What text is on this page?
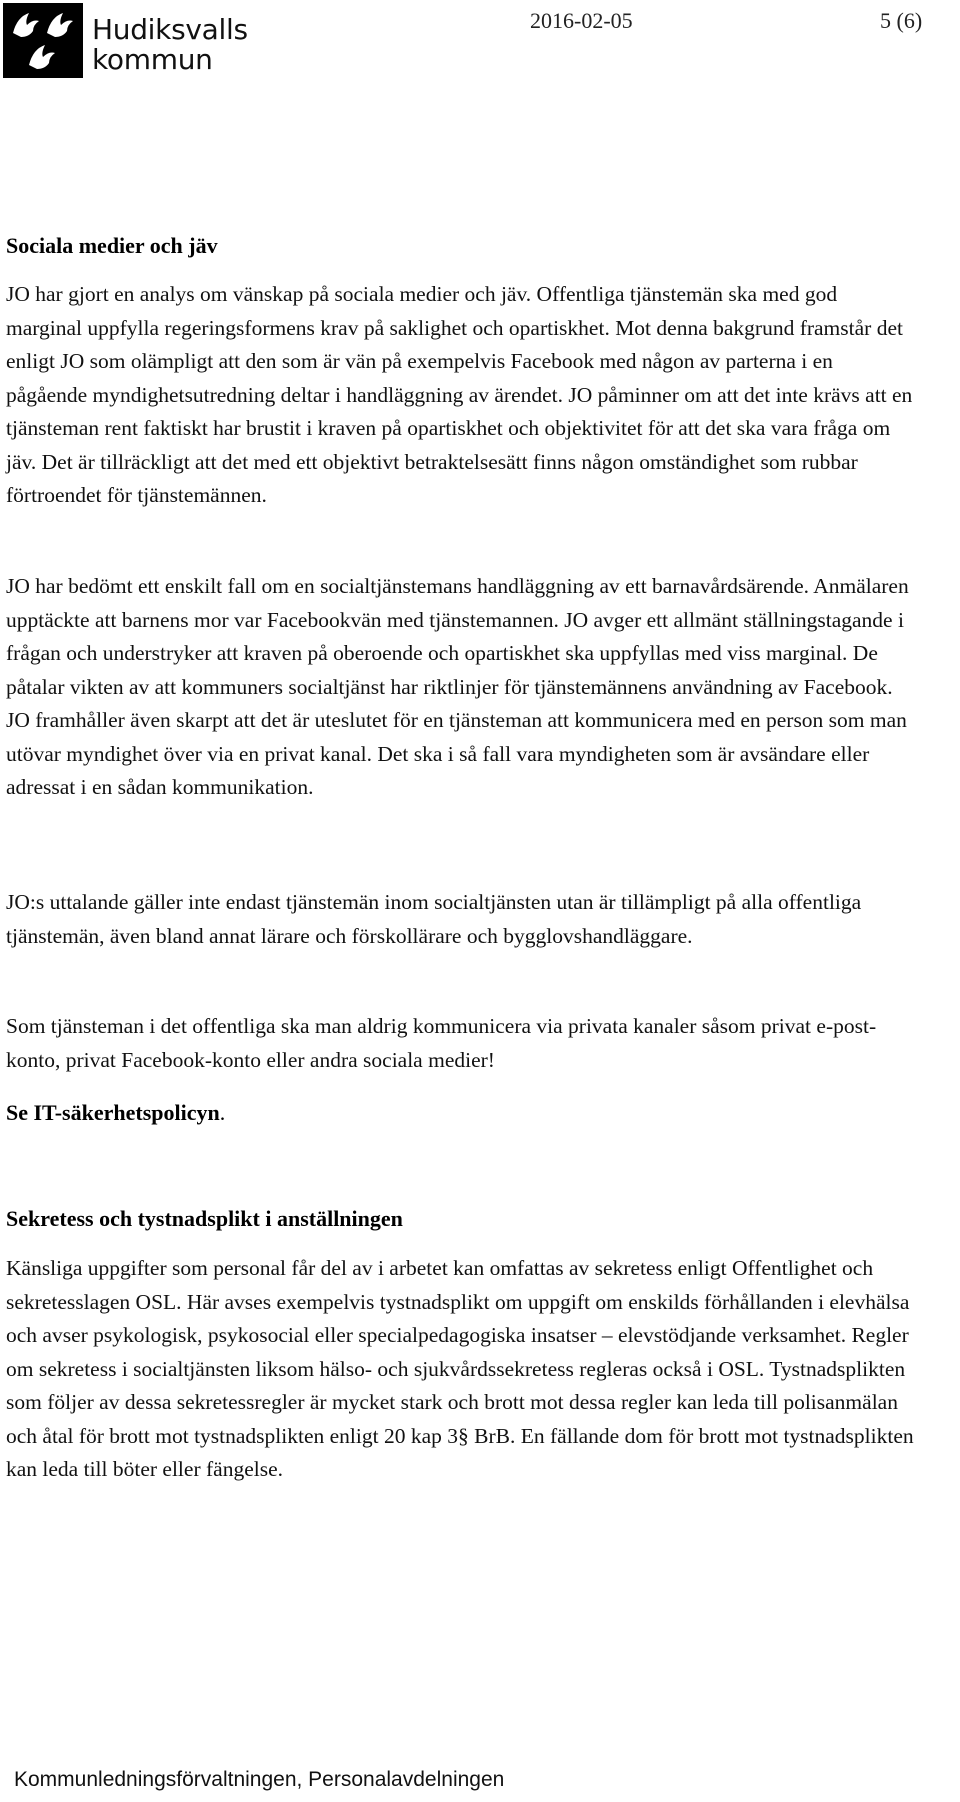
Hudiksvalls
kommun
2016-02-05	5 (6)
Sociala medier och jäv
JO har gjort en analys om vänskap på sociala medier och jäv. Offentliga tjänstemän ska med god marginal uppfylla regeringsformens krav på saklighet och opartiskhet. Mot denna bakgrund framstår det enligt JO som olämpligt att den som är vän på exempelvis Facebook med någon av parterna i en pågående myndighetsutredning deltar i handläggning av ärendet. JO påminner om att det inte krävs att en tjänsteman rent faktiskt har brustit i kraven på opartiskhet och objektivitet för att det ska vara fråga om jäv. Det är tillräckligt att det med ett objektivt betraktelsesätt finns någon omständighet som rubbar förtroendet för tjänstemännen.
JO har bedömt ett enskilt fall om en socialtjänstemans handläggning av ett barnavårdsärende. Anmälaren upptäckte att barnens mor var Facebookvän med tjänstemannen. JO avger ett allmänt ställningstagande i frågan och understryker att kraven på oberoende och opartiskhet ska uppfyllas med viss marginal. De påtalar vikten av att kommuners socialtjänst har riktlinjer för tjänstemännens användning av Facebook. JO framhåller även skarpt att det är uteslutet för en tjänsteman att kommunicera med en person som man utövar myndighet över via en privat kanal. Det ska i så fall vara myndigheten som är avsändare eller adressat i en sådan kommunikation.
JO:s uttalande gäller inte endast tjänstemän inom socialtjänsten utan är tillämpligt på alla offentliga tjänstemän, även bland annat lärare och förskollärare och bygglovshandläggare.
Som tjänsteman i det offentliga ska man aldrig kommunicera via privata kanaler såsom privat e-post-konto, privat Facebook-konto eller andra sociala medier!
Se IT-säkerhetspolicyn.
Sekretess och tystnadsplikt i anställningen
Känsliga uppgifter som personal får del av i arbetet kan omfattas av sekretess enligt Offentlighet och sekretesslagen OSL. Här avses exempelvis tystnadsplikt om uppgift om enskilds förhållanden i elevhälsa och avser psykologisk, psykosocial eller specialpedagogiska insatser – elevstödjande verksamhet. Regler om sekretess i socialtjänsten liksom hälso- och sjukvårdssekretess regleras också i OSL. Tystnadsplikten som följer av dessa sekretessregler är mycket stark och brott mot dessa regler kan leda till polisanmälan och åtal för brott mot tystnadsplikten enligt 20 kap 3§ BrB. En fällande dom för brott mot tystnadsplikten kan leda till böter eller fängelse.
Kommunledningsförvaltningen, Personalavdelningen
